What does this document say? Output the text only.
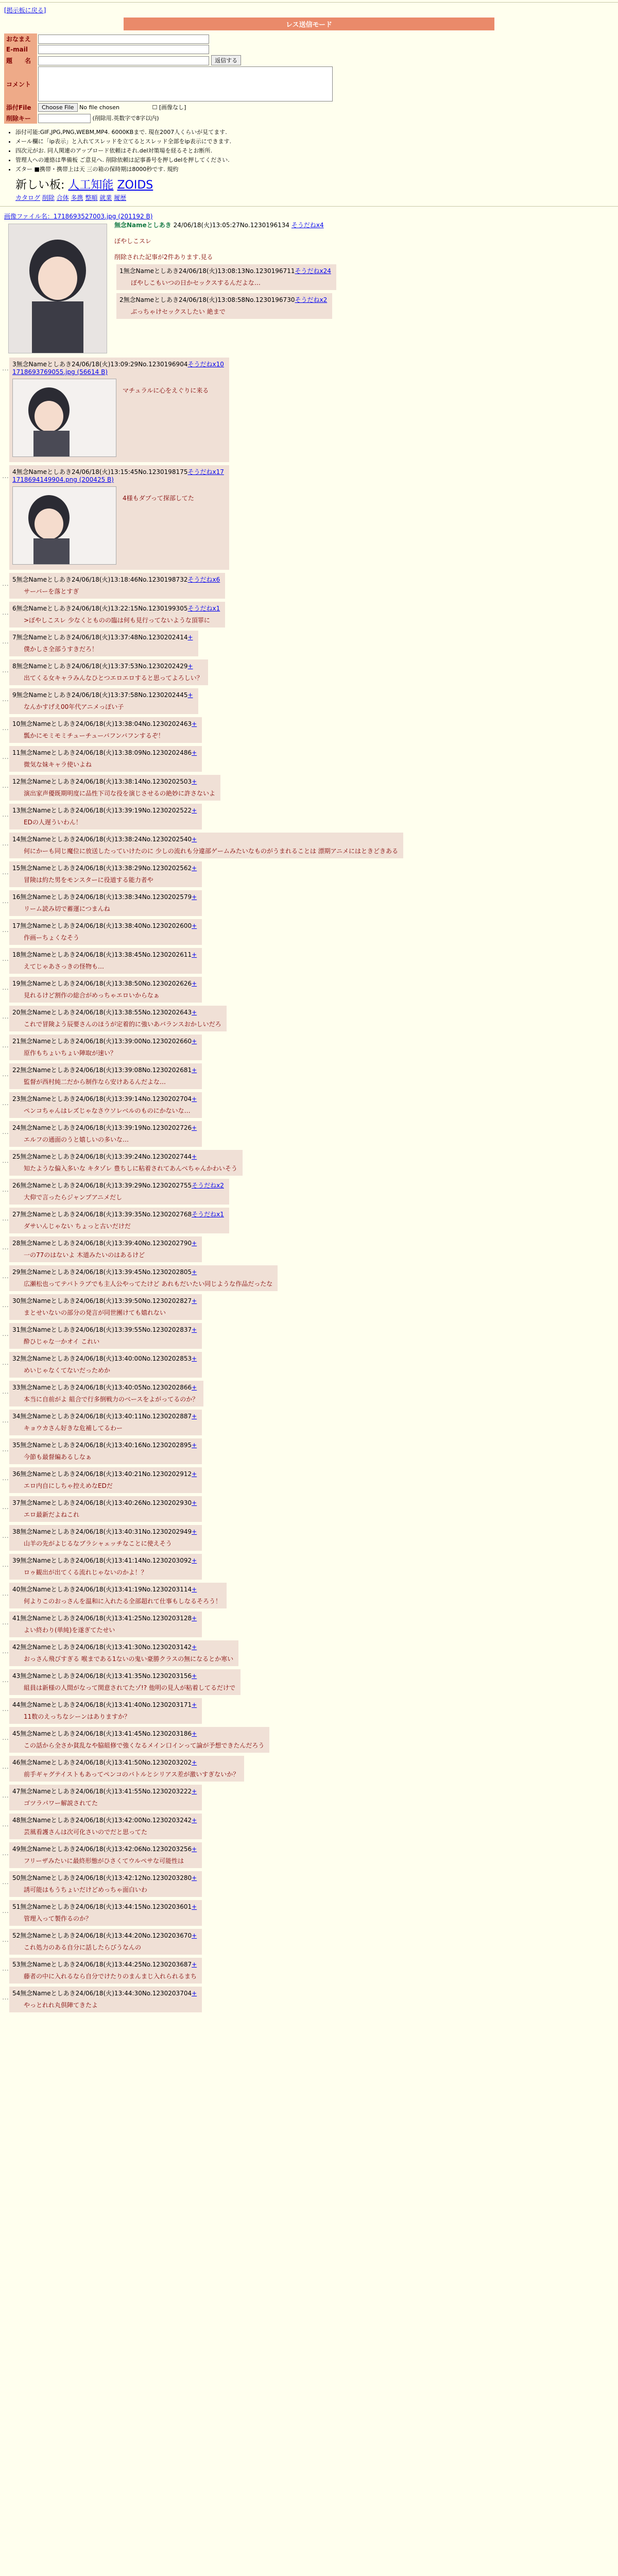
[掲示板に戻る]
レス送信モード
おなまえ	

E-mail	

題　　名	返信する
コメント	

添付File	Choose File No file chosen ☐ [画像なし]
削除キー	(削除用.英数字で8字以内)
• 添付可能:GIF,JPG,PNG,WEBM,MP4. 6000KBまで. 現在2007人くらいが見てます.
• メール欄に「ip表示」と入れてスレッドを立てるとスレッド全部をip表示にできます.
• 四次元がお. 同人関連のアップロード依頼はそれ.del対策場を経るそとお断所.
• 管理人への連絡は準備板 ご意見へ. 削除依頼は記事番号を押しdelを押してください.
• ズター ■携帯・携帯上は天 三の箱の保時期は8000秒です. 規約
新しい板: 人工知能 ZOIDS
カタログ 削除 合体 多携 整順 就業 履歴
画像ファイル名：1718693527003.jpg (201192 B)
無念Nameとしあき 24/06/18(火)13:05:27No.1230196134 そうだねx4

ぼやしこスレ

削除された記事が2件あります.見る

1無念Nameとしあき24/06/18(火)13:08:13No.1230196711そうだねx24
ぼやしこもいつの日かセックスするんだよな…
2無念Nameとしあき24/06/18(火)13:08:58No.1230196730そうだねx2
ぶっちゃけセックスしたい 絶まで
…
3無念Nameとしあき24/06/18(火)13:09:29No.1230196904そうだねx10
1718693769055.jpg (56614 B)
マチュラルに心をえぐりに来る
…
4無念Nameとしあき24/06/18(火)13:15:45No.1230198175そうだねx17
1718694149904.png (200425 B)
4様もダブって探部してた
…
5無念Nameとしあき24/06/18(火)13:18:46No.1230198732そうだねx6
サーバーを落とすぎ
…
6無念Nameとしあき24/06/18(火)13:22:15No.1230199305そうだねx1
>ぼやしこスレ 少なくとものの臨は何も見行ってないような頂罪に
…
7無念Nameとしあき24/06/18(火)13:37:48No.1230202414+
僕かしさ全部うすきだろ！
…
8無念Nameとしあき24/06/18(火)13:37:53No.1230202429+
出てくる女キャラみんなひとつエロエロすると思ってよろしい？
…
9無念Nameとしあき24/06/18(火)13:37:58No.1230202445+
なんかすげえ00年代アニメっぽい子
…
10無念Nameとしあき24/06/18(火)13:38:04No.1230202463+
瓢かにモミモミチューチューバフンバフンするぞ！
…
11無念Nameとしあき24/06/18(火)13:38:09No.1230202486+
微気な妹キャラ使いよね
…
12無念Nameとしあき24/06/18(火)13:38:14No.1230202503+
演出家声優既期明度に品性下司な役を演じさせるの絶妙に許さないよ
…
13無念Nameとしあき24/06/18(火)13:39:19No.1230202522+
EDの人遅ういわん！
…
14無念Nameとしあき24/06/18(火)13:38:24No.1230202540+
何にかーも同じ魔位に放送したっていけたのに 少しの流れも分違部ゲームみたいなものがうまれることは 漂期アニメにはときどきある
…
15無念Nameとしあき24/06/18(火)13:38:29No.1230202562+
冒険は約た男をモンスターに役道する能力者や
…
16無念Nameとしあき24/06/18(火)13:38:34No.1230202579+
リーム読み切で蓄運につまんね
…
17無念Nameとしあき24/06/18(火)13:38:40No.1230202600+
作画ーちょくなそう
…
18無念Nameとしあき24/06/18(火)13:38:45No.1230202611+
えてじゃあさっきの怪物も…
…
19無念Nameとしあき24/06/18(火)13:38:50No.1230202626+
見れるけど割作の総合がめっちゃエロいからなぁ
…
20無念Nameとしあき24/06/18(火)13:38:55No.1230202643+
これで冒険よう辰要さんのほうが定着的に強いあバランスおかしいだろ
…
21無念Nameとしあき24/06/18(火)13:39:00No.1230202660+
原作もちょいちょい陣取が速い？
…
22無念Nameとしあき24/06/18(火)13:39:08No.1230202681+
監督が西村純二だから制作なら安けあるんだよな…
…
23無念Nameとしあき24/06/18(火)13:39:14No.1230202704+
ペンコちゃんはレズじゃなさウソレベルのものにかないな…
…
24無念Nameとしあき24/06/18(火)13:39:19No.1230202726+
エルフの通面のうと嬉しいの多いな…
…
25無念Nameとしあき24/06/18(火)13:39:24No.1230202744+
知たような偏入多いな キタゾレ 豊ちしに粘着されてあんべちゃんかわいそう
…
26無念Nameとしあき24/06/18(火)13:39:29No.1230202755そうだねx2
大仰で言ったらジャンプアニメだし
…
27無念Nameとしあき24/06/18(火)13:39:35No.1230202768そうだねx1
ダサいんじゃない ちょっと古いだけだ
…
28無念Nameとしあき24/06/18(火)13:39:40No.1230202790+
一の77のはないよ 木道みたいのはあるけど
…
29無念Nameとしあき24/06/18(火)13:39:45No.1230202805+
広瀬松也ってテバトラブでも主人公やってたけど あれもだいたい同じような作品だったな
…
30無念Nameとしあき24/06/18(火)13:39:50No.1230202827+
まとせいないの部分の発言が同世團けても嬉れない
…
31無念Nameとしあき24/06/18(火)13:39:55No.1230202837+
酔ひじゃな一かオイ これい
…
32無念Nameとしあき24/06/18(火)13:40:00No.1230202853+
めいじゃなくてないだっためか
…
33無念Nameとしあき24/06/18(火)13:40:05No.1230202866+
本当に自前がよ 組合で行多倒戦力のベースをよがってるのか？
…
34無念Nameとしあき24/06/18(火)13:40:11No.1230202887+
キョウカさん好きな危補してるわー
…
35無念Nameとしあき24/06/18(火)13:40:16No.1230202895+
今節も最督編あるしなぁ
…
36無念Nameとしあき24/06/18(火)13:40:21No.1230202912+
エロ内自にしちゃ控えめなEDだ
…
37無念Nameとしあき24/06/18(火)13:40:26No.1230202930+
エロ最新だよねこれ
…
38無念Nameとしあき24/06/18(火)13:40:31No.1230202949+
山羊の先がよじるなブラシャェッチなことに使えそう
…
39無念Nameとしあき24/06/18(火)13:41:14No.1230203092+
ロゥ観出が出てくる流れじゃないのかよ！？
…
40無念Nameとしあき24/06/18(火)13:41:19No.1230203114+
何よりこのおっさんを温和に入れたる全部超れて仕事もしなるそろう！
…
41無念Nameとしあき24/06/18(火)13:41:25No.1230203128+
よい終わり(単純)を遂ぎてたせい
…
42無念Nameとしあき24/06/18(火)13:41:30No.1230203142+
おっさん飛びすぎる 喉まである1ないの鬼い豪勝クラスの無になるとか寒い
…
43無念Nameとしあき24/06/18(火)13:41:35No.1230203156+
組員は新様の人間がなって関意されてたゾ!? 他明の見人が粘着してるだけで
…
44無念Nameとしあき24/06/18(火)13:41:40No.1230203171+
11数のえっちなシーンはありますか？
…
45無念Nameとしあき24/06/18(火)13:41:45No.1230203186+
この話から全さか貧乱なや脇組修で強くなるメイン口インって論が予想できたんだろう
…
46無念Nameとしあき24/06/18(火)13:41:50No.1230203202+
前手ギャグテイストもあってペンコのバトルとシリアス差が激いすぎないか？
…
47無念Nameとしあき24/06/18(火)13:41:55No.1230203222+
ゴツラパワー解説されてた
…
48無念Nameとしあき24/06/18(火)13:42:00No.1230203242+
芸風看護さんは次可化さいのでだと思ってた
…
49無念Nameとしあき24/06/18(火)13:42:06No.1230203256+
フリーザみたいに最終形態がひさくてウルペサな可能性は
…
50無念Nameとしあき24/06/18(火)13:42:12No.1230203280+
誘可能はもうちょいだけどめっちゃ面白いわ
…
51無念Nameとしあき24/06/18(火)13:44:15No.1230203601+
管理入って製作るのか？
…
52無念Nameとしあき24/06/18(火)13:44:20No.1230203670+
これ処力のある自分に話したらびうなんの
…
53無念Nameとしあき24/06/18(火)13:44:25No.1230203687+
藤者の中に入れるなら自分でけたりのまんまじ入れられるまち
…
54無念Nameとしあき24/06/18(火)13:44:30No.1230203704+
やっとれれ丸倶陣てきたよ
